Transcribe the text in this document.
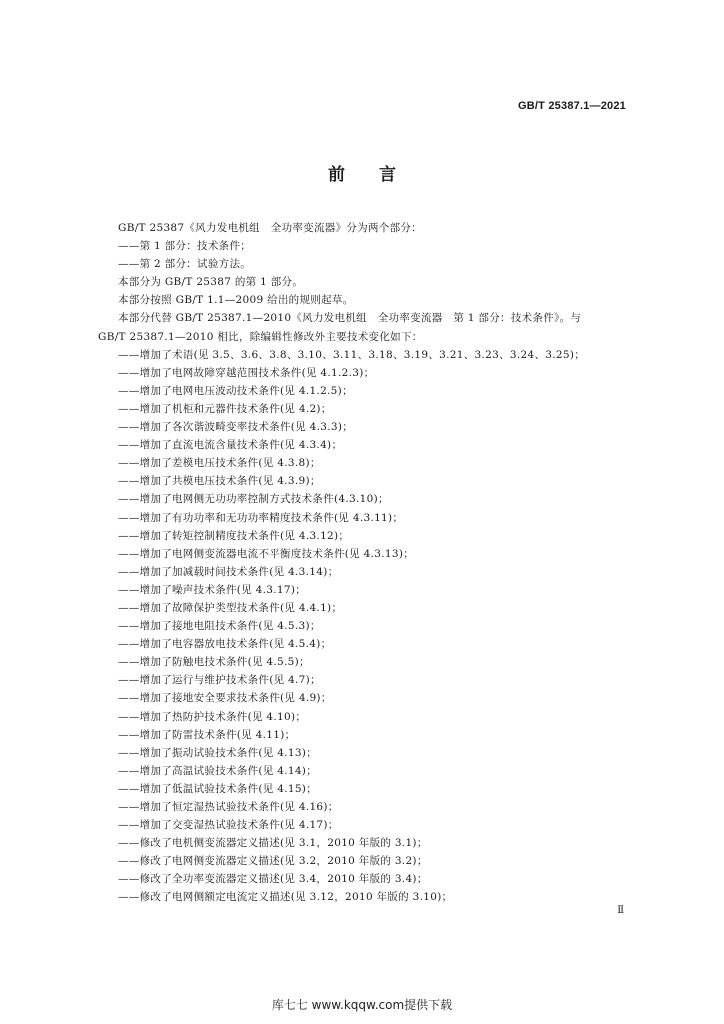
GB/T 25387.1—2021
前言
GB/T 25387《风力发电机组　全功率变流器》分为两个部分：
——第 1 部分：技术条件；
——第 2 部分：试验方法。
本部分为 GB/T 25387 的第 1 部分。
本部分按照 GB/T 1.1—2009 给出的规则起草。
本部分代替 GB/T 25387.1—2010《风力发电机组　全功率变流器　第 1 部分：技术条件》。与
GB/T 25387.1—2010 相比，除编辑性修改外主要技术变化如下：
——增加了术语(见 3.5、3.6、3.8、3.10、3.11、3.18、3.19、3.21、3.23、3.24、3.25)；
——增加了电网故障穿越范围技术条件(见 4.1.2.3)；
——增加了电网电压波动技术条件(见 4.1.2.5)；
——增加了机柜和元器件技术条件(见 4.2)；
——增加了各次谐波畸变率技术条件(见 4.3.3)；
——增加了直流电流含量技术条件(见 4.3.4)；
——增加了差模电压技术条件(见 4.3.8)；
——增加了共模电压技术条件(见 4.3.9)；
——增加了电网侧无功功率控制方式技术条件(4.3.10)；
——增加了有功功率和无功功率精度技术条件(见 4.3.11)；
——增加了转矩控制精度技术条件(见 4.3.12)；
——增加了电网侧变流器电流不平衡度技术条件(见 4.3.13)；
——增加了加减载时间技术条件(见 4.3.14)；
——增加了噪声技术条件(见 4.3.17)；
——增加了故障保护类型技术条件(见 4.4.1)；
——增加了接地电阻技术条件(见 4.5.3)；
——增加了电容器放电技术条件(见 4.5.4)；
——增加了防触电技术条件(见 4.5.5)；
——增加了运行与维护技术条件(见 4.7)；
——增加了接地安全要求技术条件(见 4.9)；
——增加了热防护技术条件(见 4.10)；
——增加了防雷技术条件(见 4.11)；
——增加了振动试验技术条件(见 4.13)；
——增加了高温试验技术条件(见 4.14)；
——增加了低温试验技术条件(见 4.15)；
——增加了恒定湿热试验技术条件(见 4.16)；
——增加了交变湿热试验技术条件(见 4.17)；
——修改了电机侧变流器定义描述(见 3.1，2010 年版的 3.1)；
——修改了电网侧变流器定义描述(见 3.2，2010 年版的 3.2)；
——修改了全功率变流器定义描述(见 3.4，2010 年版的 3.4)；
——修改了电网侧额定电流定义描述(见 3.12，2010 年版的 3.10)；
Ⅱ
库七七 www.kqqw.com提供下载
